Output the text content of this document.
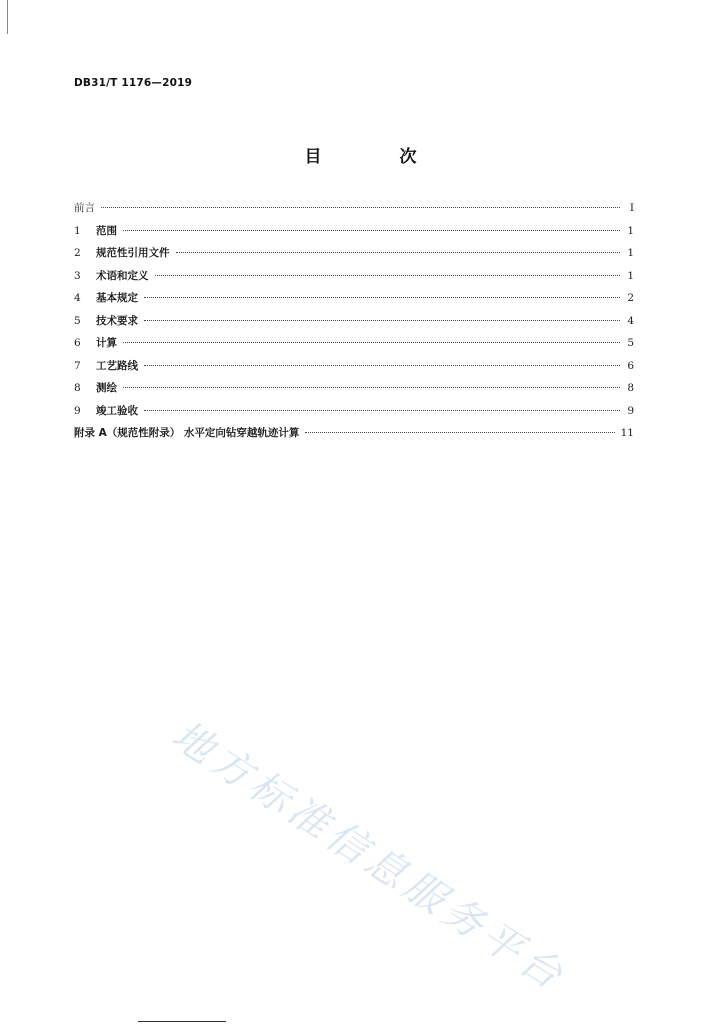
DB31/T 1176—2019
目 次
前言	I
1	范围	1
2	规范性引用文件	1
3	术语和定义	1
4	基本规定	2
5	技术要求	4
6	计算	5
7	工艺路线	6
8	测绘	8
9	竣工验收	9
附录 A（规范性附录） 水平定向钻穿越轨迹计算	11
地方标准信息服务平台
